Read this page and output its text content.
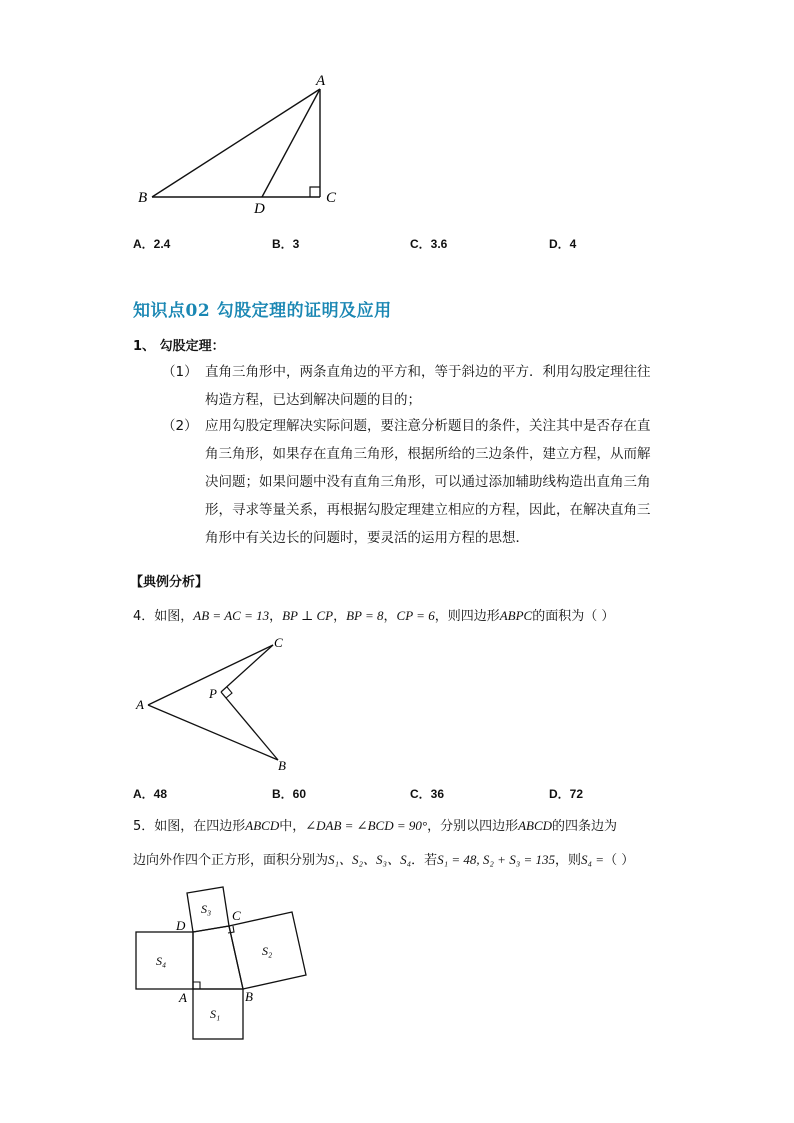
A
B	C
D
A．2.4	B．3	C．3.6	D．4
知识点02 勾股定理的证明及应用
1、 勾股定理：
（1） 直角三角形中，两条直角边的平方和，等于斜边的平方．利用勾股定理往往
构造方程，已达到解决问题的目的；
（2） 应用勾股定理解决实际问题，要注意分析题目的条件，关注其中是否存在直
角三角形，如果存在直角三角形，根据所给的三边条件，建立方程，从而解
决问题；如果问题中没有直角三角形，可以通过添加辅助线构造出直角三角
形，寻求等量关系，再根据勾股定理建立相应的方程，因此，在解决直角三
角形中有关边长的问题时，要灵活的运用方程的思想．
【典例分析】
4．如图，AB = AC = 13，BP ⊥ CP，BP = 8，CP = 6，则四边形ABPC的面积为（ ）
A
C
P
B
A．48	B．60	C．36	D．72
5．如图，在四边形ABCD中，∠DAB = ∠BCD = 90°，分别以四边形ABCD的四条边为
边向外作四个正方形，面积分别为S₁、S₂、S₃、S₄．若S₁ = 48, S₂ + S₃ = 135，则S₄ =（ ）
S₃
S₄
S₂
S₁
D
C
A	B
